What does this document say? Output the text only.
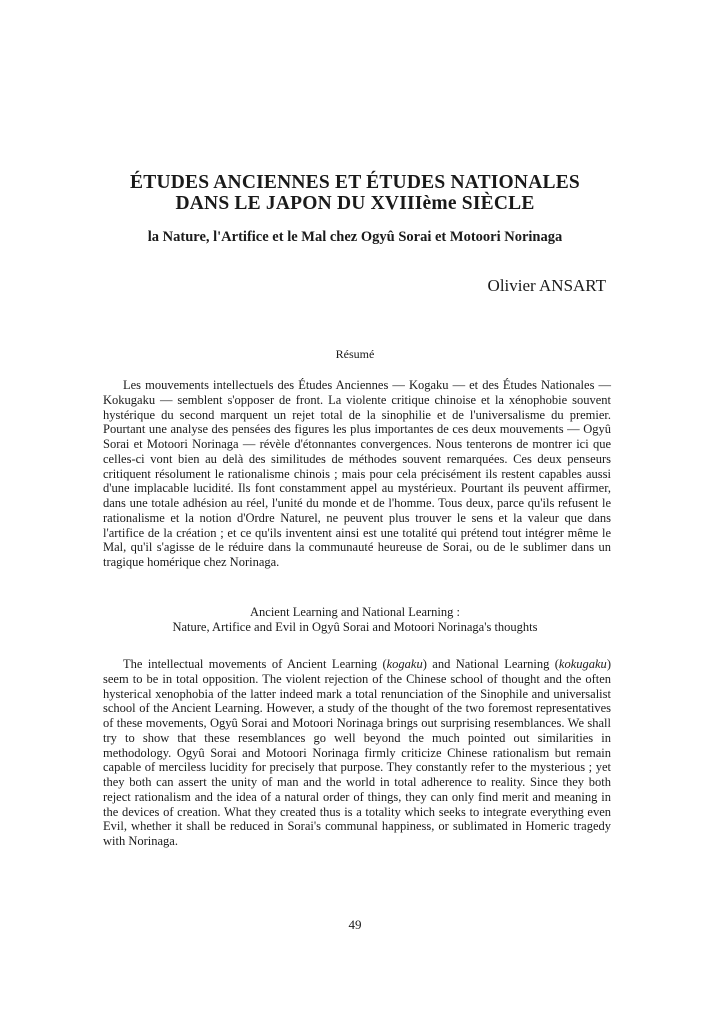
ÉTUDES ANCIENNES ET ÉTUDES NATIONALES
DANS LE JAPON DU XVIIIème SIÈCLE
la Nature, l'Artifice et le Mal chez Ogyû Sorai et Motoori Norinaga
Olivier ANSART
Résumé
Les mouvements intellectuels des Études Anciennes — Kogaku — et des Études Nationales — Kokugaku — semblent s'opposer de front. La violente critique chinoise et la xénophobie souvent hystérique du second marquent un rejet total de la sinophilie et de l'universalisme du premier. Pourtant une analyse des pensées des figures les plus importantes de ces deux mouvements — Ogyû Sorai et Motoori Norinaga — révèle d'étonnantes convergences. Nous tenterons de montrer ici que celles-ci vont bien au delà des similitudes de méthodes souvent remarquées. Ces deux penseurs critiquent résolument le rationalisme chinois ; mais pour cela précisément ils restent capables aussi d'une implacable lucidité. Ils font constamment appel au mystérieux. Pourtant ils peuvent affirmer, dans une totale adhésion au réel, l'unité du monde et de l'homme. Tous deux, parce qu'ils refusent le rationalisme et la notion d'Ordre Naturel, ne peuvent plus trouver le sens et la valeur que dans l'artifice de la création ; et ce qu'ils inventent ainsi est une totalité qui prétend tout intégrer même le Mal, qu'il s'agisse de le réduire dans la communauté heureuse de Sorai, ou de le sublimer dans un tragique homérique chez Norinaga.
Ancient Learning and National Learning :
Nature, Artifice and Evil in Ogyû Sorai and Motoori Norinaga's thoughts
The intellectual movements of Ancient Learning (kogaku) and National Learning (kokugaku) seem to be in total opposition. The violent rejection of the Chinese school of thought and the often hysterical xenophobia of the latter indeed mark a total renunciation of the Sinophile and universalist school of the Ancient Learning. However, a study of the thought of the two foremost representatives of these movements, Ogyû Sorai and Motoori Norinaga brings out surprising resemblances. We shall try to show that these resemblances go well beyond the much pointed out similarities in methodology. Ogyû Sorai and Motoori Norinaga firmly criticize Chinese rationalism but remain capable of merciless lucidity for precisely that purpose. They constantly refer to the mysterious ; yet they both can assert the unity of man and the world in total adherence to reality. Since they both reject rationalism and the idea of a natural order of things, they can only find merit and meaning in the devices of creation. What they created thus is a totality which seeks to integrate everything even Evil, whether it shall be reduced in Sorai's communal happiness, or sublimated in Homeric tragedy with Norinaga.
49
